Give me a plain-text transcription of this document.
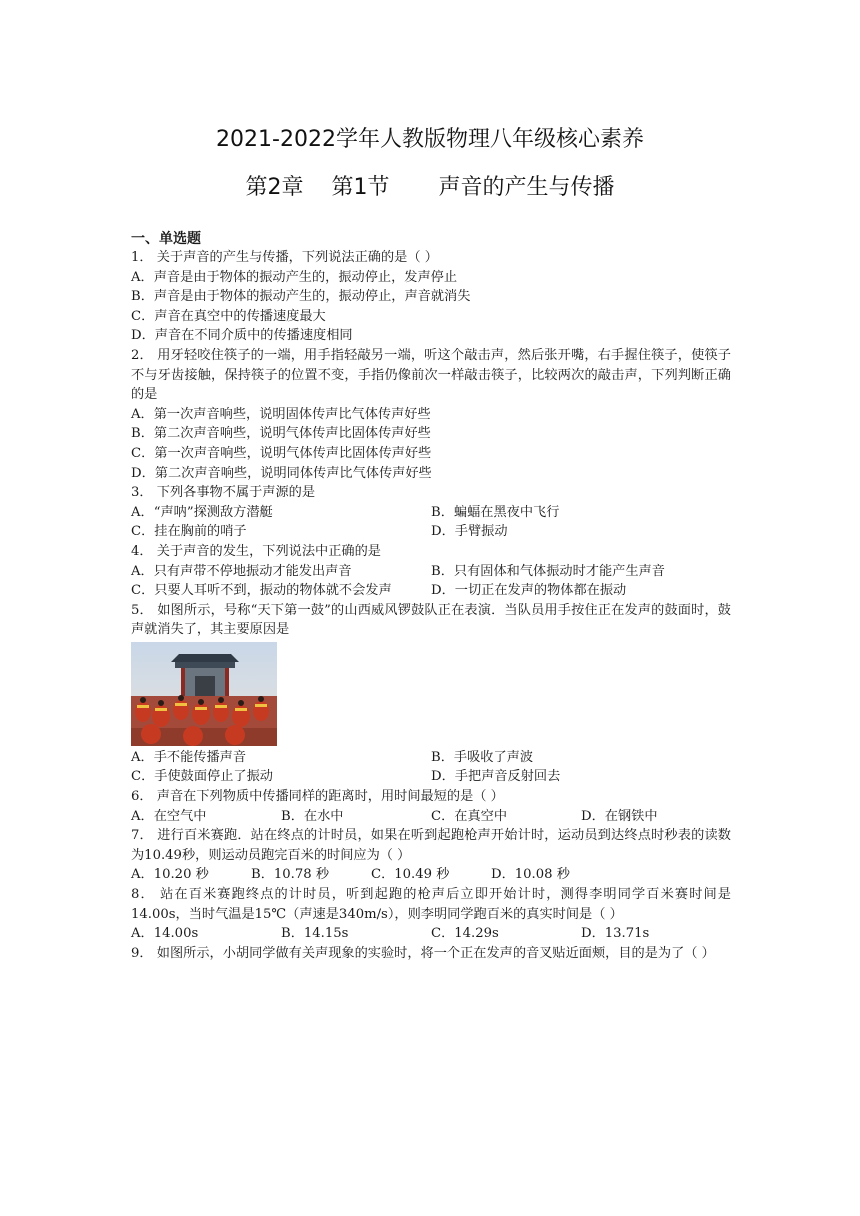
2021-2022学年人教版物理八年级核心素养
第2章 第1节 声音的产生与传播
一、单选题
1． 关于声音的产生与传播，下列说法正确的是（ ）
A．声音是由于物体的振动产生的，振动停止，发声停止
B．声音是由于物体的振动产生的，振动停止，声音就消失
C．声音在真空中的传播速度最大
D．声音在不同介质中的传播速度相同
2． 用牙轻咬住筷子的一端，用手指轻敲另一端，听这个敲击声，然后张开嘴，右手握住筷子，使筷子不与牙齿接触，保持筷子的位置不变，手指仍像前次一样敲击筷子，比较两次的敲击声，下列判断正确的是
A．第一次声音响些，说明固体传声比气体传声好些
B．第二次声音响些，说明气体传声比固体传声好些
C．第一次声音响些，说明气体传声比固体传声好些
D．第二次声音响些，说明同体传声比气体传声好些
3． 下列各事物不属于声源的是
A．“声呐”探测敌方潜艇	B．蝙蝠在黑夜中飞行
C．挂在胸前的哨子	D．手臂振动
4． 关于声音的发生，下列说法中正确的是
A．只有声带不停地振动才能发出声音	B．只有固体和气体振动时才能产生声音
C．只要人耳听不到，振动的物体就不会发声	D．一切正在发声的物体都在振动
5． 如图所示，号称“天下第一鼓”的山西威风锣鼓队正在表演．当队员用手按住正在发声的鼓面时，鼓声就消失了，其主要原因是
A．手不能传播声音	B．手吸收了声波
C．手使鼓面停止了振动	D．手把声音反射回去
6． 声音在下列物质中传播同样的距离时，用时间最短的是（ ）
A．在空气中	B．在水中	C．在真空中	D．在钢铁中
7． 进行百米赛跑．站在终点的计时员，如果在听到起跑枪声开始计时，运动员到达终点时秒表的读数为10.49秒，则运动员跑完百米的时间应为（ ）
A．10.20 秒	B．10.78 秒	C．10.49 秒	D．10.08 秒
8． 站在百米赛跑终点的计时员，听到起跑的枪声后立即开始计时，测得李明同学百米赛时间是14.00s，当时气温是15℃（声速是340m/s），则李明同学跑百米的真实时间是（ ）
A．14.00s	B．14.15s	C．14.29s	D．13.71s
9． 如图所示，小胡同学做有关声现象的实验时，将一个正在发声的音叉贴近面颊，目的是为了（ ）
